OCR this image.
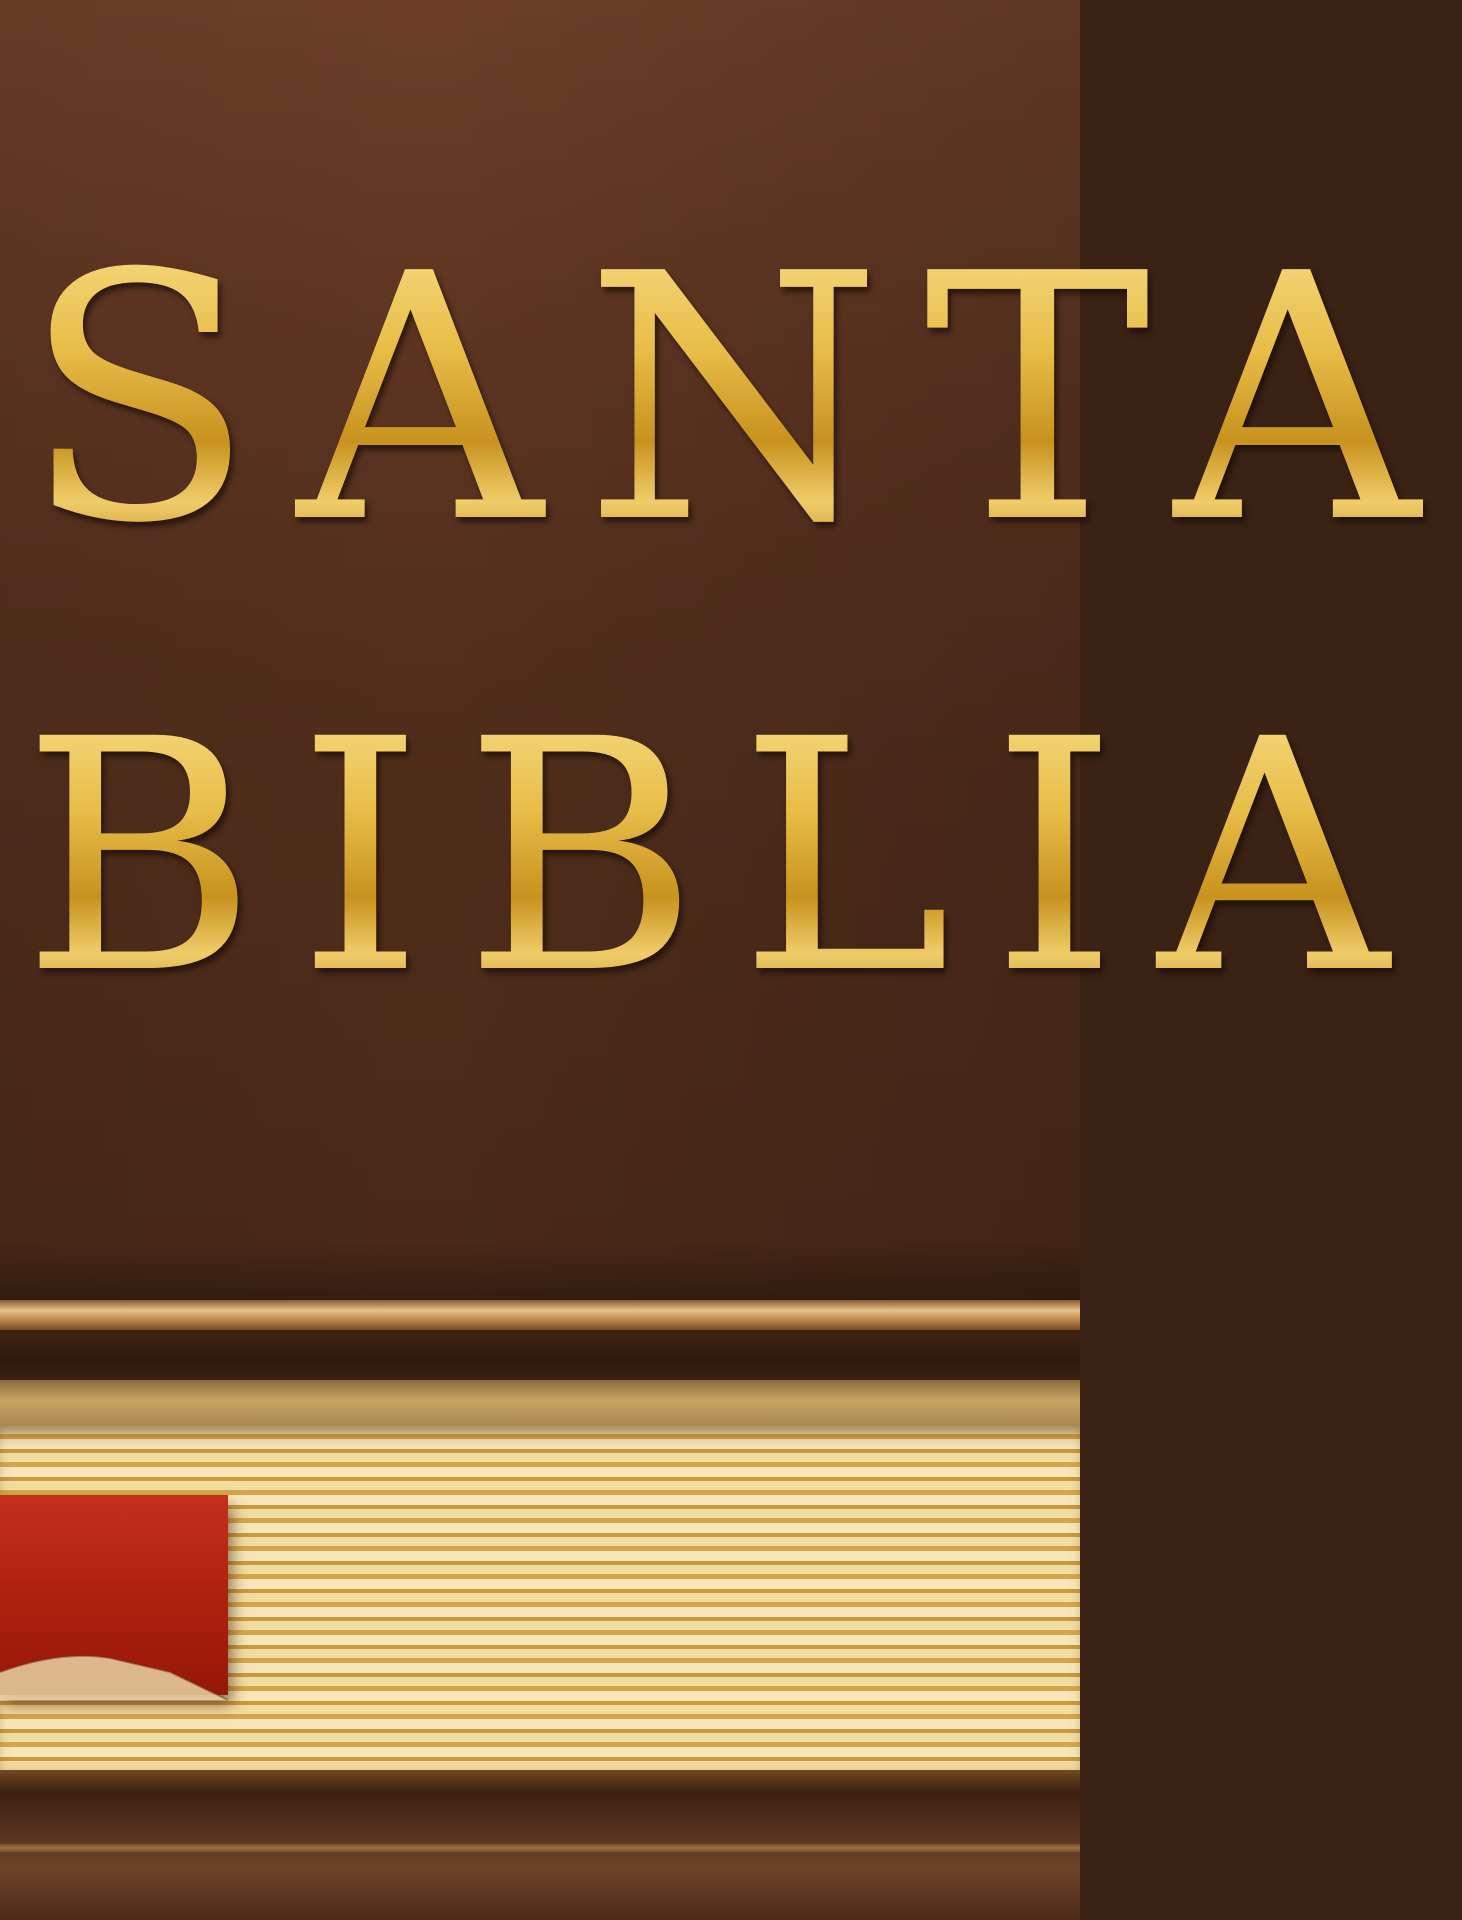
SANTA
BIBLIA
